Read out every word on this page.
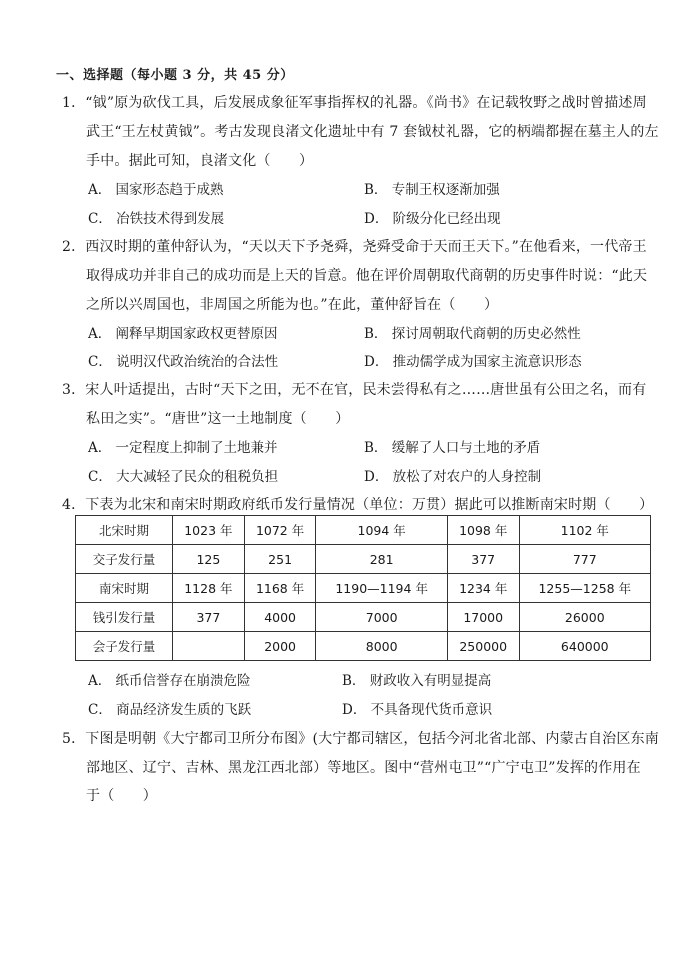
一、选择题（每小题 3 分，共 45 分）
1．“钺”原为砍伐工具，后发展成象征军事指挥权的礼器。《尚书》在记载牧野之战时曾描述周
武王“王左杖黄钺”。考古发现良渚文化遗址中有 7 套钺杖礼器，它的柄端都握在墓主人的左
手中。据此可知，良渚文化（　　）
A． 国家形态趋于成熟	B． 专制王权逐渐加强
C． 冶铁技术得到发展	D． 阶级分化已经出现
2．西汉时期的董仲舒认为，“天以天下予尧舜，尧舜受命于天而王天下。”在他看来，一代帝王
取得成功并非自己的成功而是上天的旨意。他在评价周朝取代商朝的历史事件时说：“此天
之所以兴周国也，非周国之所能为也。”在此，董仲舒旨在（　　）
A． 阐释早期国家政权更替原因	B． 探讨周朝取代商朝的历史必然性
C． 说明汉代政治统治的合法性	D． 推动儒学成为国家主流意识形态
3．宋人叶适提出，古时“天下之田，无不在官，民未尝得私有之……唐世虽有公田之名，而有
私田之实”。“唐世”这一土地制度（　　）
A． 一定程度上抑制了土地兼并	B． 缓解了人口与土地的矛盾
C． 大大减轻了民众的租税负担	D． 放松了对农户的人身控制
4．下表为北宋和南宋时期政府纸币发行量情况（单位：万贯）据此可以推断南宋时期（　　）
北宋时期	1023 年	1072 年	1094 年	1098 年	1102 年
交子发行量	125	251	281	377	777
南宋时期	1128 年	1168 年	1190—1194 年	1234 年	1255—1258 年
钱引发行量	377	4000	7000	17000	26000
会子发行量		2000	8000	250000	640000
A． 纸币信誉存在崩溃危险	B． 财政收入有明显提高
C． 商品经济发生质的飞跃	D． 不具备现代货币意识
5．下图是明朝《大宁都司卫所分布图》(大宁都司辖区，包括今河北省北部、内蒙古自治区东南
部地区、辽宁、吉林、黑龙江西北部）等地区。图中“营州屯卫”“广宁屯卫”发挥的作用在
于（　　）
